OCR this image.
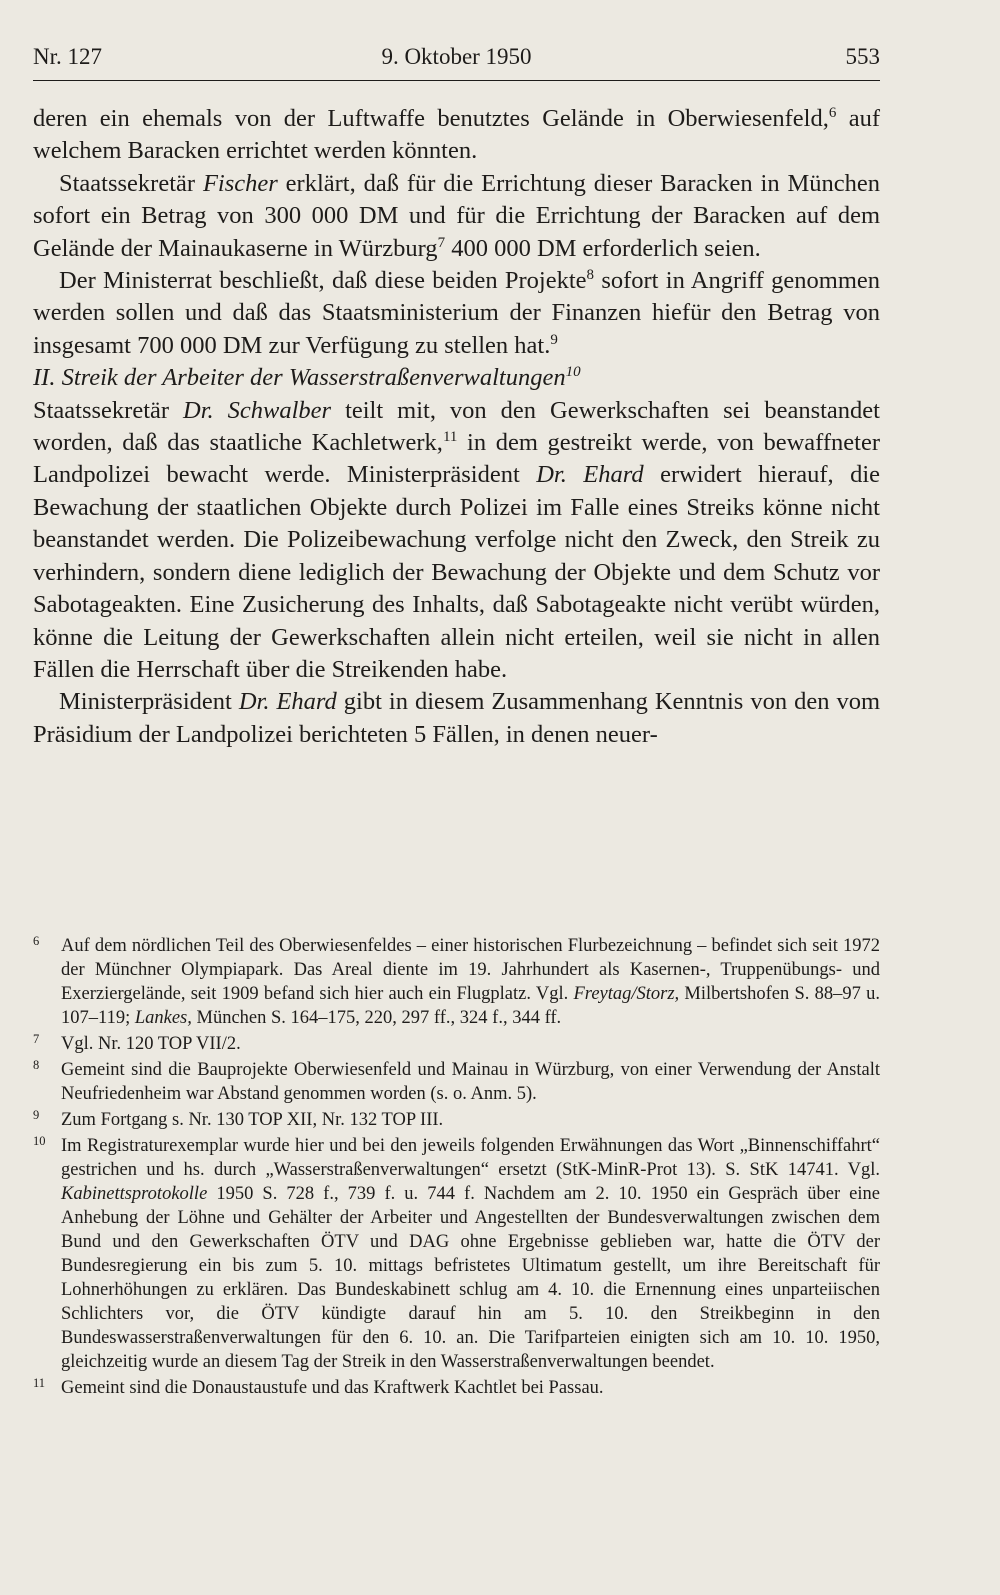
Nr. 127	9. Oktober 1950	553

deren ein ehemals von der Luftwaffe benutztes Gelände in Oberwiesenfeld,$^6$ auf welchem Baracken errichtet werden könnten.

Staatssekretär Fischer erklärt, daß für die Errichtung dieser Baracken in München sofort ein Betrag von 300 000 DM und für die Errichtung der Baracken auf dem Gelände der Mainaukaserne in Würzburg$^7$ 400 000 DM erforderlich seien.

Der Ministerrat beschließt, daß diese beiden Projekte$^8$ sofort in Angriff genommen werden sollen und daß das Staatsministerium der Finanzen hiefür den Betrag von insgesamt 700 000 DM zur Verfügung zu stellen hat.$^9$

II. Streik der Arbeiter der Wasserstraßenverwaltungen$^{10}$

Staatssekretär Dr. Schwalber teilt mit, von den Gewerkschaften sei beanstandet worden, daß das staatliche Kachletwerk,$^{11}$ in dem gestreikt werde, von bewaffneter Landpolizei bewacht werde. Ministerpräsident Dr. Ehard erwidert hierauf, die Bewachung der staatlichen Objekte durch Polizei im Falle eines Streiks könne nicht beanstandet werden. Die Polizeibewachung verfolge nicht den Zweck, den Streik zu verhindern, sondern diene lediglich der Bewachung der Objekte und dem Schutz vor Sabotageakten. Eine Zusicherung des Inhalts, daß Sabotageakte nicht verübt würden, könne die Leitung der Gewerkschaften allein nicht erteilen, weil sie nicht in allen Fällen die Herrschaft über die Streikenden habe.

Ministerpräsident Dr. Ehard gibt in diesem Zusammenhang Kenntnis von den vom Präsidium der Landpolizei berichteten 5 Fällen, in denen neuer-

6 Auf dem nördlichen Teil des Oberwiesenfeldes – einer historischen Flurbezeichnung – befindet sich seit 1972 der Münchner Olympiapark. Das Areal diente im 19. Jahrhundert als Kasernen-, Truppenübungs- und Exerziergelände, seit 1909 befand sich hier auch ein Flugplatz. Vgl. Freytag/Storz, Milbertshofen S. 88–97 u. 107–119; Lankes, München S. 164–175, 220, 297 ff., 324 f., 344 ff.
7 Vgl. Nr. 120 TOP VII/2.
8 Gemeint sind die Bauprojekte Oberwiesenfeld und Mainau in Würzburg, von einer Verwendung der Anstalt Neufriedenheim war Abstand genommen worden (s. o. Anm. 5).
9 Zum Fortgang s. Nr. 130 TOP XII, Nr. 132 TOP III.
10 Im Registraturexemplar wurde hier und bei den jeweils folgenden Erwähnungen das Wort „Binnenschiffahrt“ gestrichen und hs. durch „Wasserstraßenverwaltungen“ ersetzt (StK-MinR-Prot 13). S. StK 14741. Vgl. Kabinettsprotokolle 1950 S. 728 f., 739 f. u. 744 f. Nachdem am 2. 10. 1950 ein Gespräch über eine Anhebung der Löhne und Gehälter der Arbeiter und Angestellten der Bundesverwaltungen zwischen dem Bund und den Gewerkschaften ÖTV und DAG ohne Ergebnisse geblieben war, hatte die ÖTV der Bundesregierung ein bis zum 5. 10. mittags befristetes Ultimatum gestellt, um ihre Bereitschaft für Lohnerhöhungen zu erklären. Das Bundeskabinett schlug am 4. 10. die Ernennung eines unparteiischen Schlichters vor, die ÖTV kündigte darauf hin am 5. 10. den Streikbeginn in den Bundeswasserstraßenverwaltungen für den 6. 10. an. Die Tarifparteien einigten sich am 10. 10. 1950, gleichzeitig wurde an diesem Tag der Streik in den Wasserstraßenverwaltungen beendet.
11 Gemeint sind die Donaustaustufe und das Kraftwerk Kachtlet bei Passau.
